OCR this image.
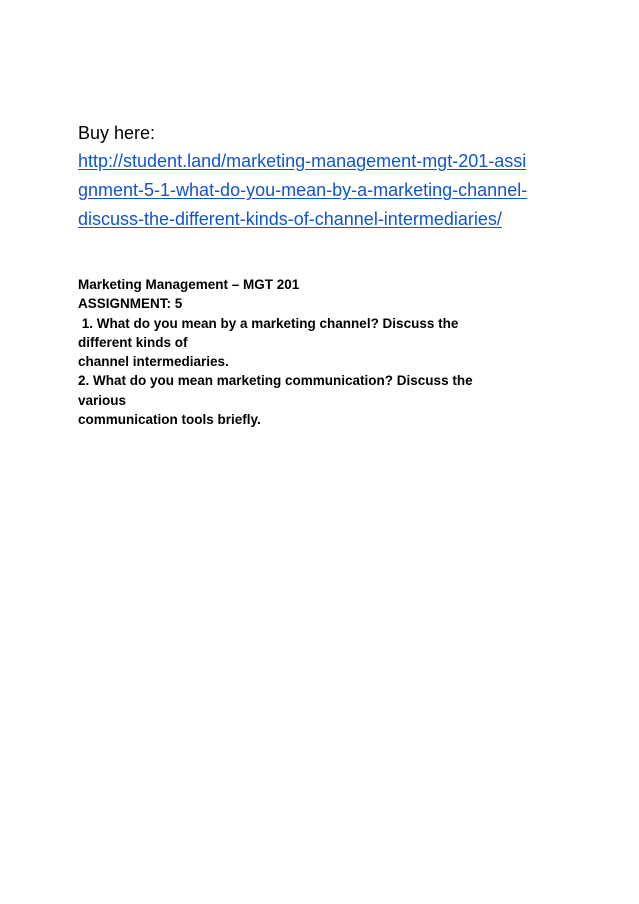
Buy here:

http://student.land/marketing-management-mgt-201-assi
gnment-5-1-what-do-you-mean-by-a-marketing-channel-
discuss-the-different-kinds-of-channel-intermediaries/
Marketing Management – MGT 201
ASSIGNMENT: 5
1. What do you mean by a marketing channel? Discuss the
different kinds of
channel intermediaries.
2. What do you mean marketing communication? Discuss the
various
communication tools briefly.
